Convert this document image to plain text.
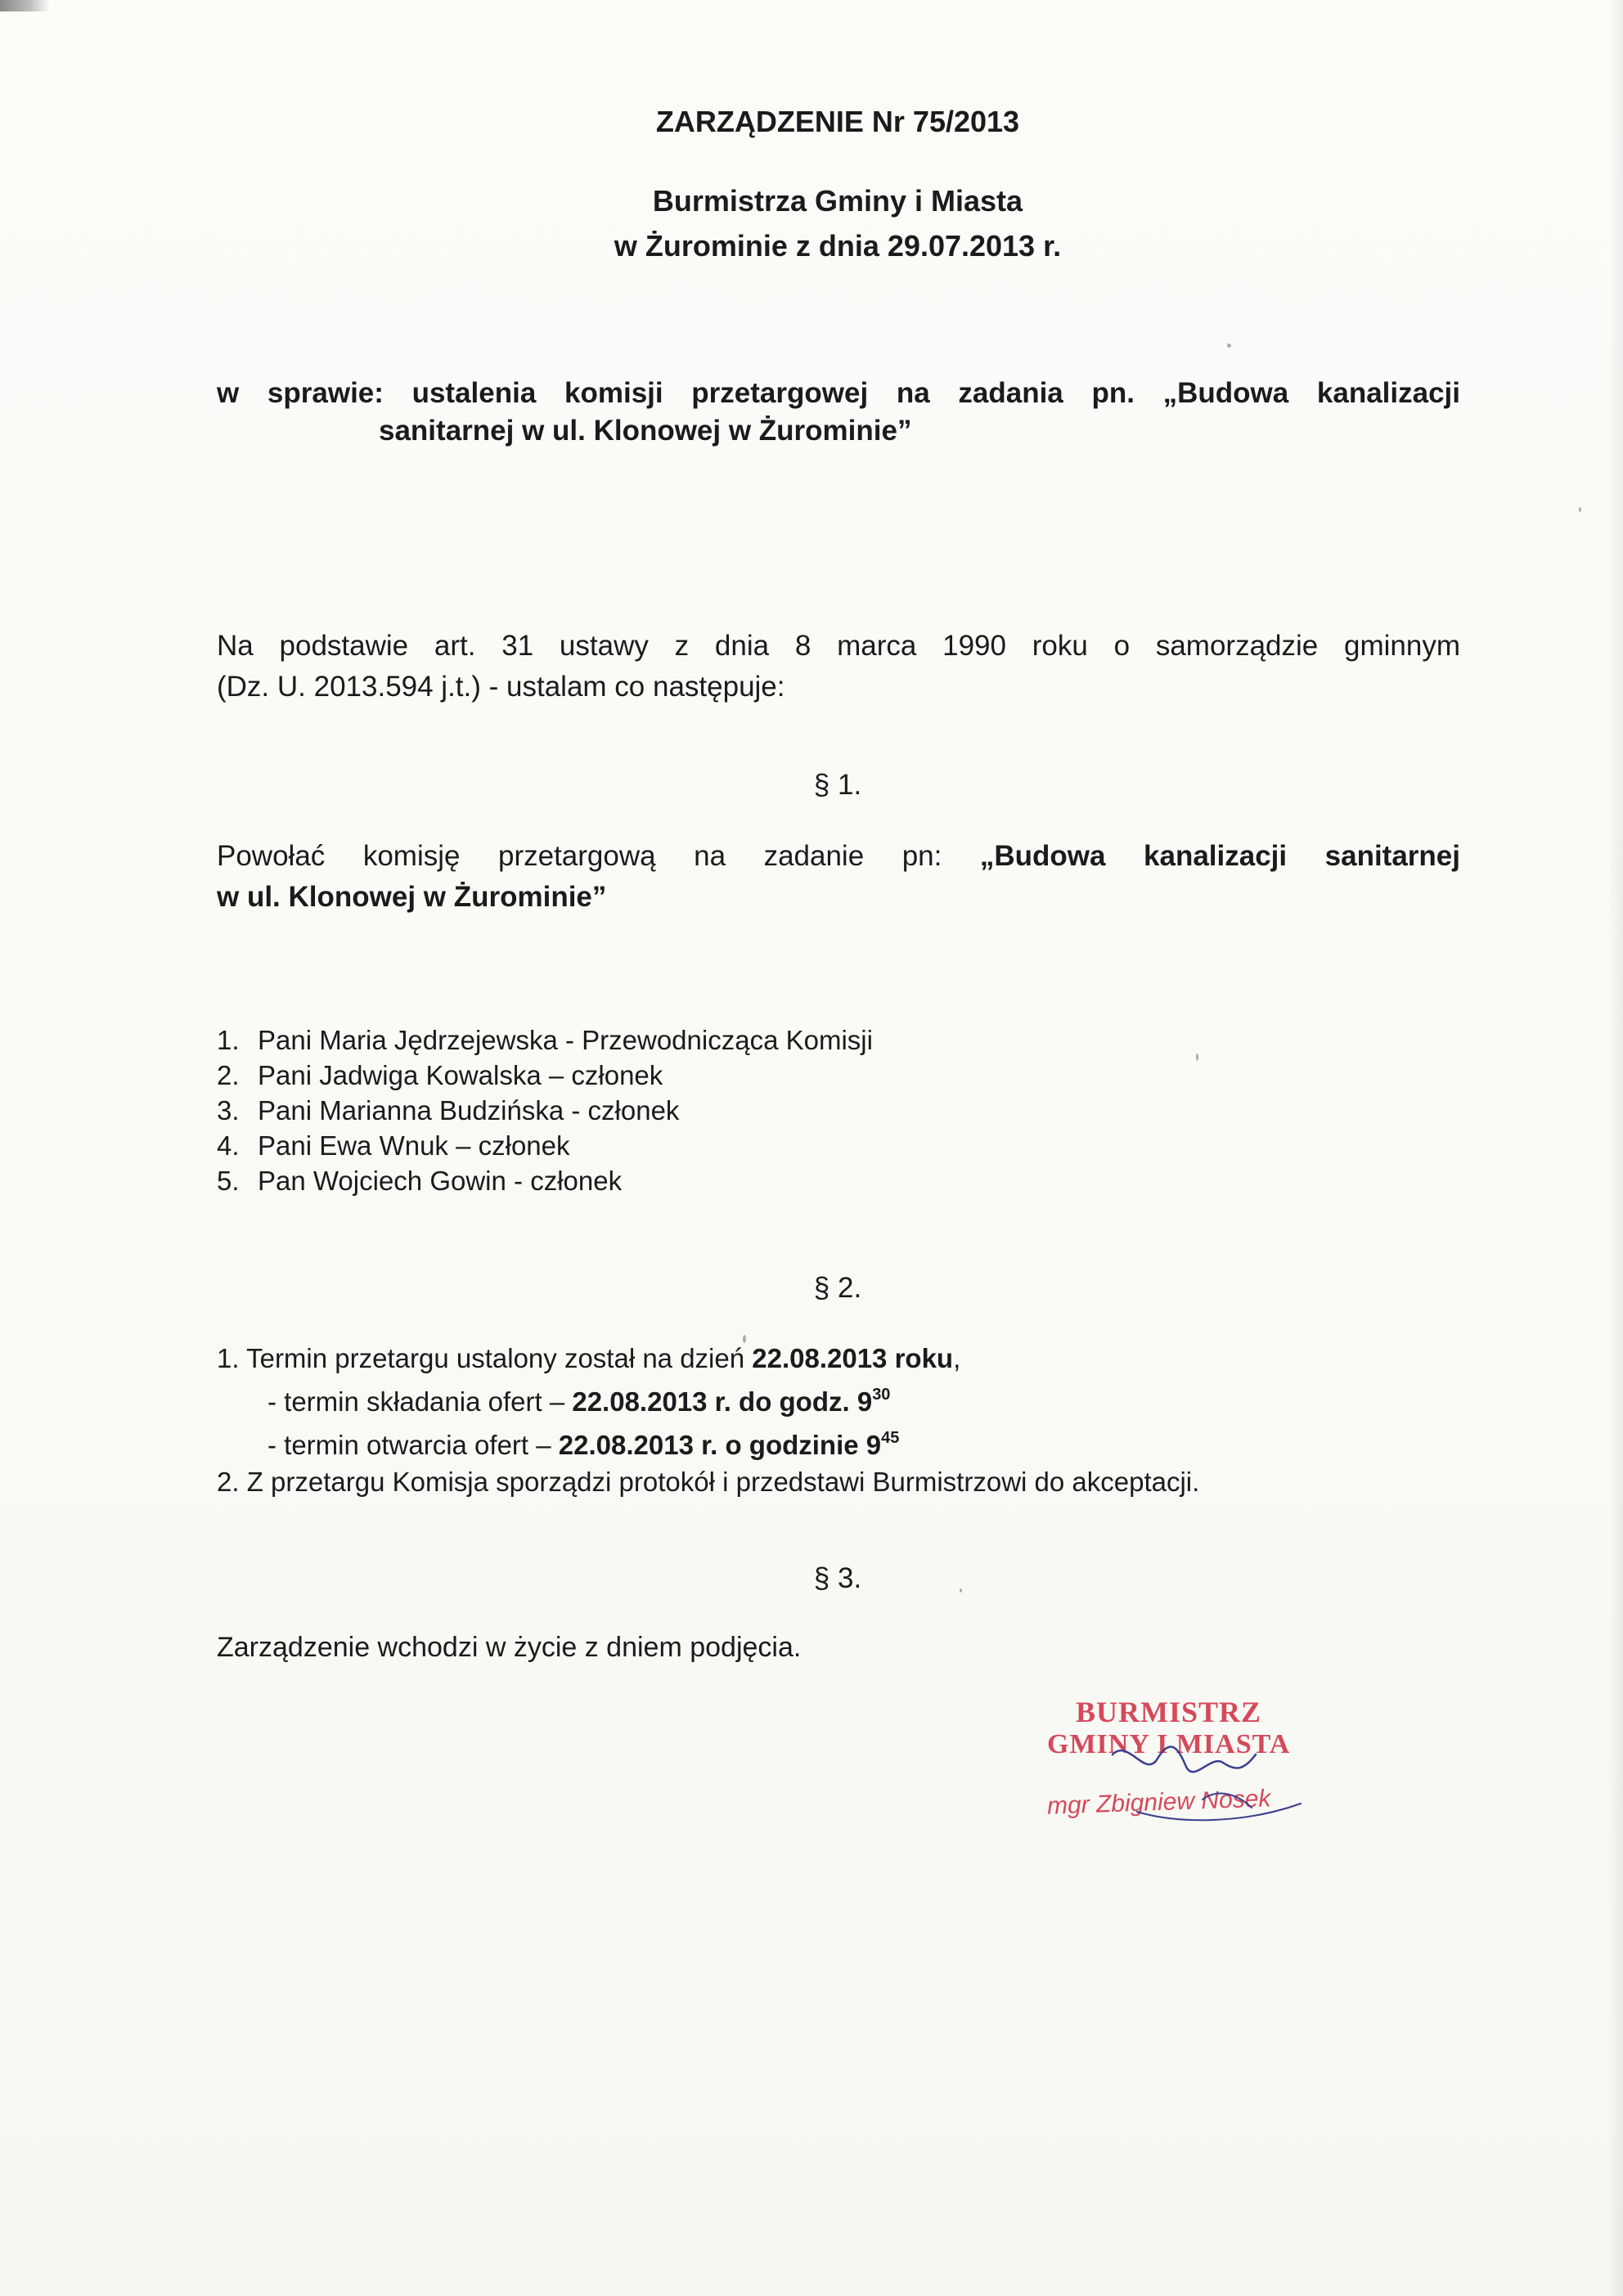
ZARZĄDZENIE Nr 75/2013
Burmistrza Gminy i Miasta
w Żurominie z dnia 29.07.2013 r.
w sprawie: ustalenia komisji przetargowej na zadania pn. „Budowa kanalizacji
sanitarnej w ul. Klonowej w Żurominie”
Na podstawie art. 31 ustawy z dnia 8 marca 1990 roku o samorządzie gminnym
(Dz. U. 2013.594 j.t.) - ustalam co następuje:
§ 1.
Powołać komisję przetargową na zadanie pn: „Budowa kanalizacji sanitarnej
w ul. Klonowej w Żurominie”
1. Pani Maria Jędrzejewska - Przewodnicząca Komisji
2. Pani Jadwiga Kowalska – członek
3. Pani Marianna Budzińska - członek
4. Pani Ewa Wnuk – członek
5. Pan Wojciech Gowin - członek
§ 2.
1. Termin przetargu ustalony został na dzień 22.08.2013 roku,
- termin składania ofert – 22.08.2013 r. do godz. $9^{30}$
- termin otwarcia ofert – 22.08.2013 r. o godzinie $9^{45}$
2. Z przetargu Komisja sporządzi protokół i przedstawi Burmistrzowi do akceptacji.
§ 3.
Zarządzenie wchodzi w życie z dniem podjęcia.
BURMISTRZ
GMINY I MIASTA
mgr Zbigniew Nosek
